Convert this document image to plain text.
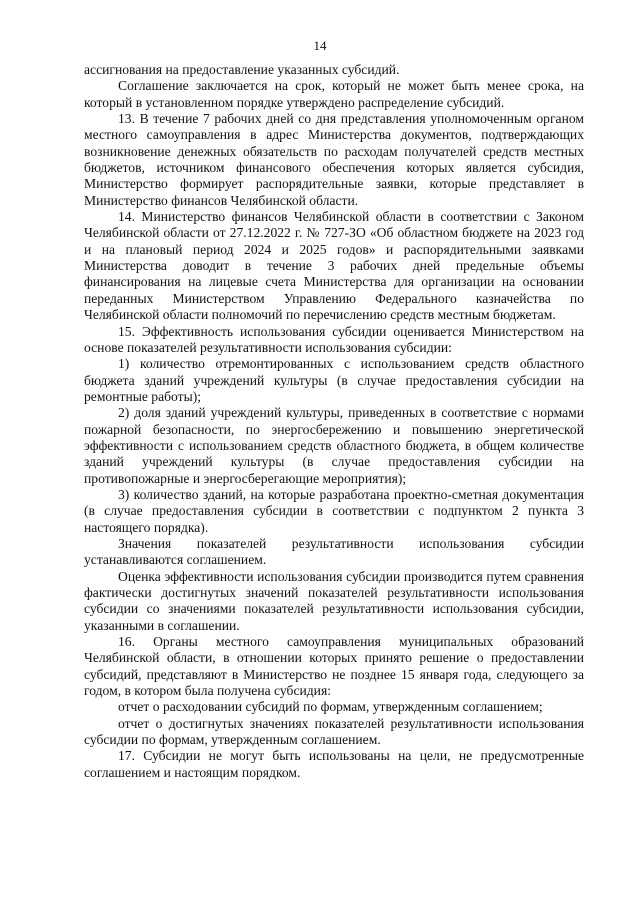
14

ассигнования на предоставление указанных субсидий.

Соглашение заключается на срок, который не может быть менее срока, на который в установленном порядке утверждено распределение субсидий.

13. В течение 7 рабочих дней со дня представления уполномоченным органом местного самоуправления в адрес Министерства документов, подтверждающих возникновение денежных обязательств по расходам получателей средств местных бюджетов, источником финансового обеспечения которых является субсидия, Министерство формирует распорядительные заявки, которые представляет в Министерство финансов Челябинской области.

14. Министерство финансов Челябинской области в соответствии с Законом Челябинской области от 27.12.2022 г. № 727-ЗО «Об областном бюджете на 2023 год и на плановый период 2024 и 2025 годов» и распорядительными заявками Министерства доводит в течение 3 рабочих дней предельные объемы финансирования на лицевые счета Министерства для организации на основании переданных Министерством Управлению Федерального казначейства по Челябинской области полномочий по перечислению средств местным бюджетам.

15. Эффективность использования субсидии оценивается Министерством на основе показателей результативности использования субсидии:

1) количество отремонтированных с использованием средств областного бюджета зданий учреждений культуры (в случае предоставления субсидии на ремонтные работы);

2) доля зданий учреждений культуры, приведенных в соответствие с нормами пожарной безопасности, по энергосбережению и повышению энергетической эффективности с использованием средств областного бюджета, в общем количестве зданий учреждений культуры (в случае предоставления субсидии на противопожарные и энергосберегающие мероприятия);

3) количество зданий, на которые разработана проектно-сметная документация (в случае предоставления субсидии в соответствии с подпунктом 2 пункта 3 настоящего порядка).

Значения показателей результативности использования субсидии устанавливаются соглашением.

Оценка эффективности использования субсидии производится путем сравнения фактически достигнутых значений показателей результативности использования субсидии со значениями показателей результативности использования субсидии, указанными в соглашении.

16. Органы местного самоуправления муниципальных образований Челябинской области, в отношении которых принято решение о предоставлении субсидий, представляют в Министерство не позднее 15 января года, следующего за годом, в котором была получена субсидия:

отчет о расходовании субсидий по формам, утвержденным соглашением;

отчет о достигнутых значениях показателей результативности использования субсидии по формам, утвержденным соглашением.

17. Субсидии не могут быть использованы на цели, не предусмотренные соглашением и настоящим порядком.
